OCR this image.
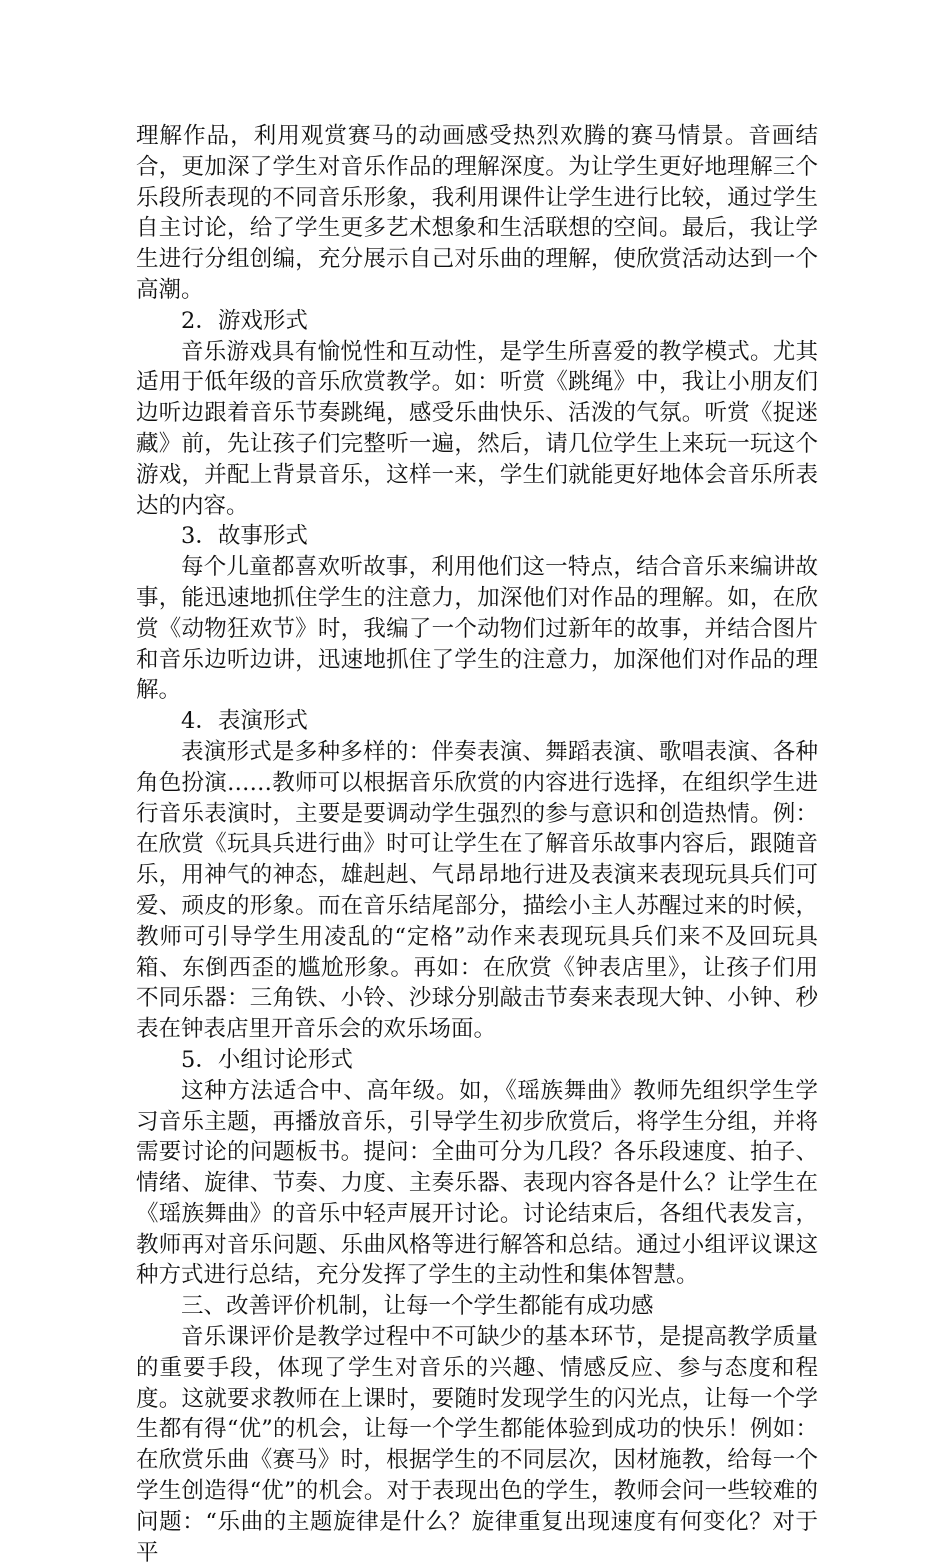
理解作品，利用观赏赛马的动画感受热烈欢腾的赛马情景。音画结合，更加深了学生对音乐作品的理解深度。为让学生更好地理解三个乐段所表现的不同音乐形象，我利用课件让学生进行比较，通过学生自主讨论，给了学生更多艺术想象和生活联想的空间。最后，我让学生进行分组创编，充分展示自己对乐曲的理解，使欣赏活动达到一个高潮。

2．游戏形式

音乐游戏具有愉悦性和互动性，是学生所喜爱的教学模式。尤其适用于低年级的音乐欣赏教学。如：听赏《跳绳》中，我让小朋友们边听边跟着音乐节奏跳绳，感受乐曲快乐、活泼的气氛。听赏《捉迷藏》前，先让孩子们完整听一遍，然后，请几位学生上来玩一玩这个游戏，并配上背景音乐，这样一来，学生们就能更好地体会音乐所表达的内容。

3．故事形式

每个儿童都喜欢听故事，利用他们这一特点，结合音乐来编讲故事，能迅速地抓住学生的注意力，加深他们对作品的理解。如，在欣赏《动物狂欢节》时，我编了一个动物们过新年的故事，并结合图片和音乐边听边讲，迅速地抓住了学生的注意力，加深他们对作品的理解。

4．表演形式

表演形式是多种多样的：伴奏表演、舞蹈表演、歌唱表演、各种角色扮演……教师可以根据音乐欣赏的内容进行选择，在组织学生进行音乐表演时，主要是要调动学生强烈的参与意识和创造热情。例：在欣赏《玩具兵进行曲》时可让学生在了解音乐故事内容后，跟随音乐，用神气的神态，雄赳赳、气昂昂地行进及表演来表现玩具兵们可爱、顽皮的形象。而在音乐结尾部分，描绘小主人苏醒过来的时候，教师可引导学生用凌乱的“定格”动作来表现玩具兵们来不及回玩具箱、东倒西歪的尴尬形象。再如：在欣赏《钟表店里》，让孩子们用不同乐器：三角铁、小铃、沙球分别敲击节奏来表现大钟、小钟、秒表在钟表店里开音乐会的欢乐场面。

5．小组讨论形式

这种方法适合中、高年级。如，《瑶族舞曲》教师先组织学生学习音乐主题，再播放音乐，引导学生初步欣赏后，将学生分组，并将需要讨论的问题板书。提问：全曲可分为几段？各乐段速度、拍子、情绪、旋律、节奏、力度、主奏乐器、表现内容各是什么？让学生在《瑶族舞曲》的音乐中轻声展开讨论。讨论结束后，各组代表发言，教师再对音乐问题、乐曲风格等进行解答和总结。通过小组评议课这种方式进行总结，充分发挥了学生的主动性和集体智慧。

三、改善评价机制，让每一个学生都能有成功感

音乐课评价是教学过程中不可缺少的基本环节，是提高教学质量的重要手段，体现了学生对音乐的兴趣、情感反应、参与态度和程度。这就要求教师在上课时，要随时发现学生的闪光点，让每一个学生都有得“优”的机会，让每一个学生都能体验到成功的快乐！例如：在欣赏乐曲《赛马》时，根据学生的不同层次，因材施教，给每一个学生创造得“优”的机会。对于表现出色的学生，教师会问一些较难的问题：“乐曲的主题旋律是什么？旋律重复出现速度有何变化？对于平
